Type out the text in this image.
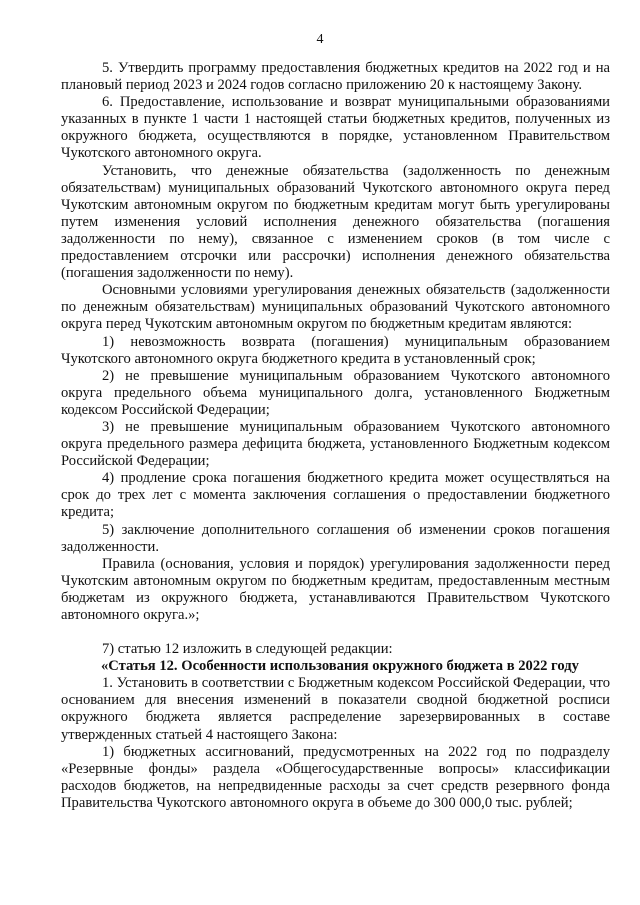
4

5. Утвердить программу предоставления бюджетных кредитов на 2022 год и на плановый период 2023 и 2024 годов согласно приложению 20 к настоящему Закону.

6. Предоставление, использование и возврат муниципальными образованиями указанных в пункте 1 части 1 настоящей статьи бюджетных кредитов, полученных из окружного бюджета, осуществляются в порядке, установленном Правительством Чукотского автономного округа.

Установить, что денежные обязательства (задолженность по денежным обязательствам) муниципальных образований Чукотского автономного округа перед Чукотским автономным округом по бюджетным кредитам могут быть урегулированы путем изменения условий исполнения денежного обязательства (погашения задолженности по нему), связанное с изменением сроков (в том числе с предоставлением отсрочки или рассрочки) исполнения денежного обязательства (погашения задолженности по нему).

Основными условиями урегулирования денежных обязательств (задолженности по денежным обязательствам) муниципальных образований Чукотского автономного округа перед Чукотским автономным округом по бюджетным кредитам являются:

1) невозможность возврата (погашения) муниципальным образованием Чукотского автономного округа бюджетного кредита в установленный срок;

2) не превышение муниципальным образованием Чукотского автономного округа предельного объема муниципального долга, установленного Бюджетным кодексом Российской Федерации;

3) не превышение муниципальным образованием Чукотского автономного округа предельного размера дефицита бюджета, установленного Бюджетным кодексом Российской Федерации;

4) продление срока погашения бюджетного кредита может осуществляться на срок до трех лет с момента заключения соглашения о предоставлении бюджетного кредита;

5) заключение дополнительного соглашения об изменении сроков погашения задолженности.

Правила (основания, условия и порядок) урегулирования задолженности перед Чукотским автономным округом по бюджетным кредитам, предоставленным местным бюджетам из окружного бюджета, устанавливаются Правительством Чукотского автономного округа.»;

7) статью 12 изложить в следующей редакции:

«Статья 12. Особенности использования окружного бюджета в 2022 году

1. Установить в соответствии с Бюджетным кодексом Российской Федерации, что основанием для внесения изменений в показатели сводной бюджетной росписи окружного бюджета является распределение зарезервированных в составе утвержденных статьей 4 настоящего Закона:

1) бюджетных ассигнований, предусмотренных на 2022 год по подразделу «Резервные фонды» раздела «Общегосударственные вопросы» классификации расходов бюджетов, на непредвиденные расходы за счет средств резервного фонда Правительства Чукотского автономного округа в объеме до 300 000,0 тыс. рублей;
